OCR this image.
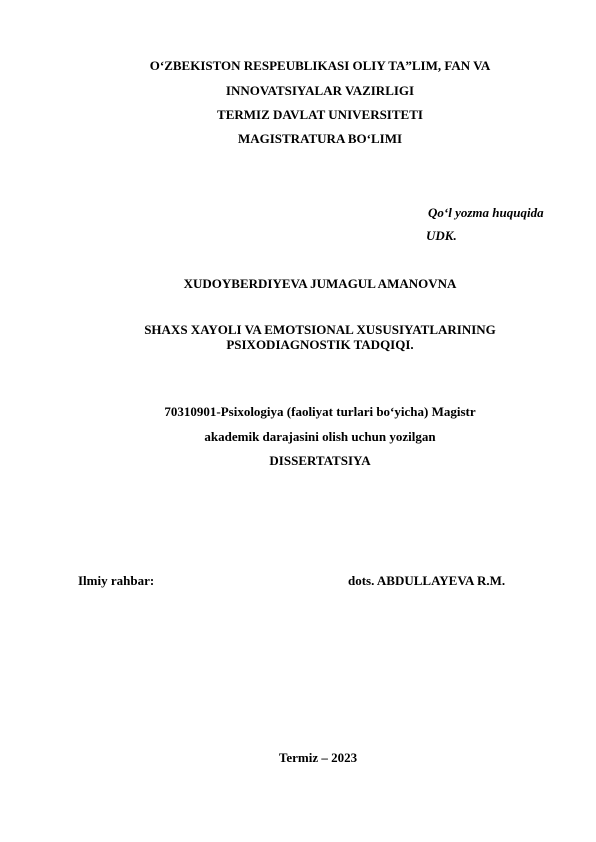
O‘ZBEKISTON RESPEUBLIKASI OLIY TA”LIM, FAN VA
INNOVATSIYALAR VAZIRLIGI
TERMIZ DAVLAT UNIVERSITETI
MAGISTRATURA BO‘LIMI
Qo‘l yozma huquqida
UDK.
XUDOYBERDIYEVA JUMAGUL AMANOVNA
SHAXS XAYOLI VA EMOTSIONAL XUSUSIYATLARINING
PSIXODIAGNOSTIK TADQIQI.
70310901-Psixologiya (faoliyat turlari bo‘yicha) Magistr
akademik darajasini olish uchun yozilgan
DISSERTATSIYA
Ilmiy rahbar:	dots. ABDULLAYEVA R.M.
Termiz – 2023
